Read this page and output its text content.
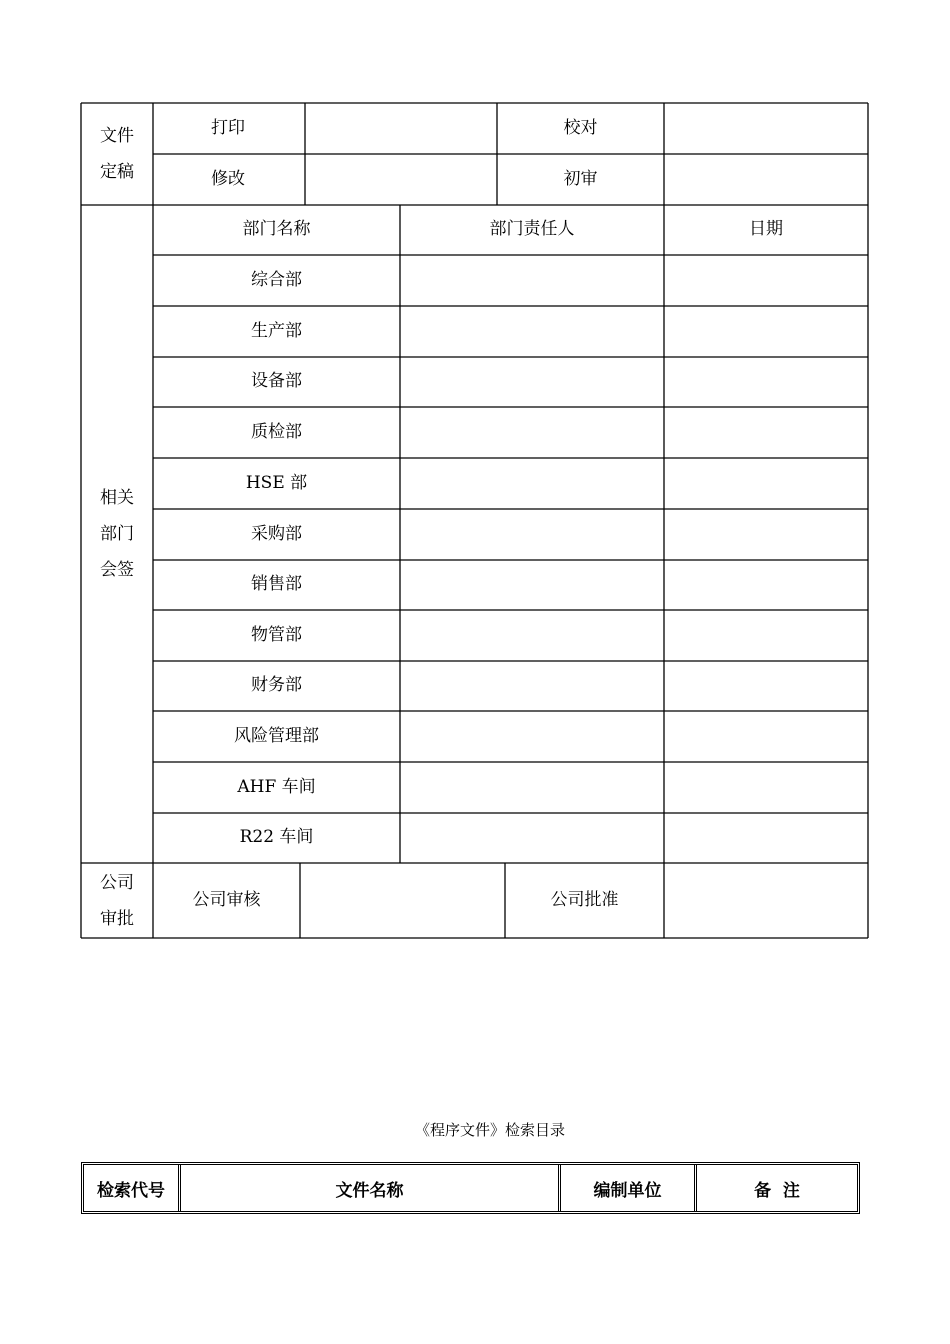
文件
定稿
打印	校对
修改	初审
相关
部门
会签
部门名称	部门责任人	日期
综合部
生产部
设备部
质检部
HSE 部
采购部
销售部
物管部
财务部
风险管理部
AHF 车间
R22 车间
公司
审批
公司审核	公司批准
《程序文件》检索目录
检索代号	文件名称	编制单位	备  注
